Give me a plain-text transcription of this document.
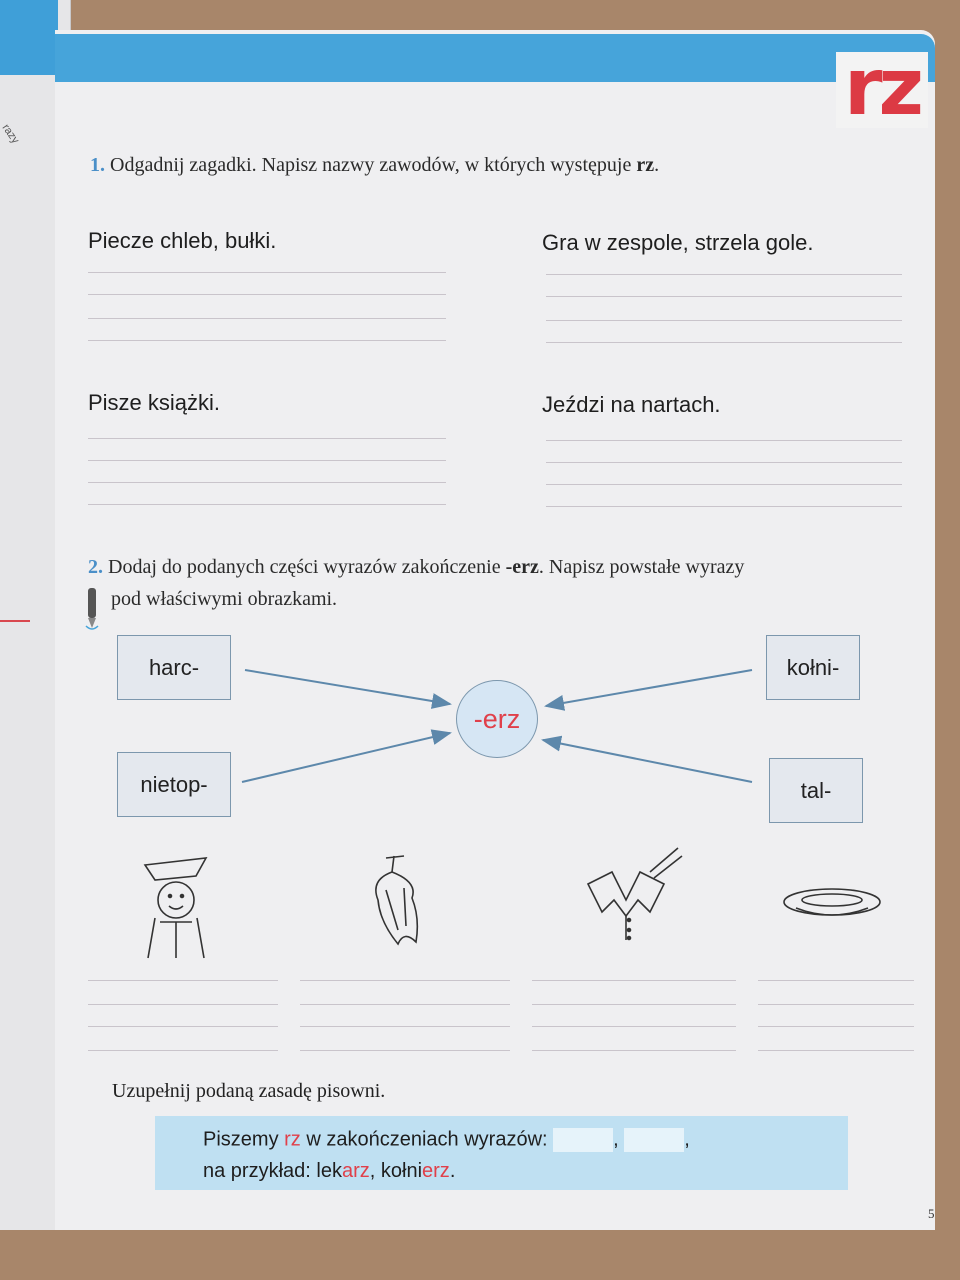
razy
rz
1. Odgadnij zagadki. Napisz nazwy zawodów, w których występuje rz.
Piecze chleb, bułki.	Gra w zespole, strzela gole.
Pisze książki.	Jeździ na nartach.
2. Dodaj do podanych części wyrazów zakończenie -erz. Napisz powstałe wyrazy
pod właściwymi obrazkami.
harc-
nietop-
kołni-
tal-
-erz
Uzupełnij podaną zasadę pisowni.
Piszemy rz w zakończeniach wyrazów:	,	,
na przykład: lekarz, kołnierz.
5
